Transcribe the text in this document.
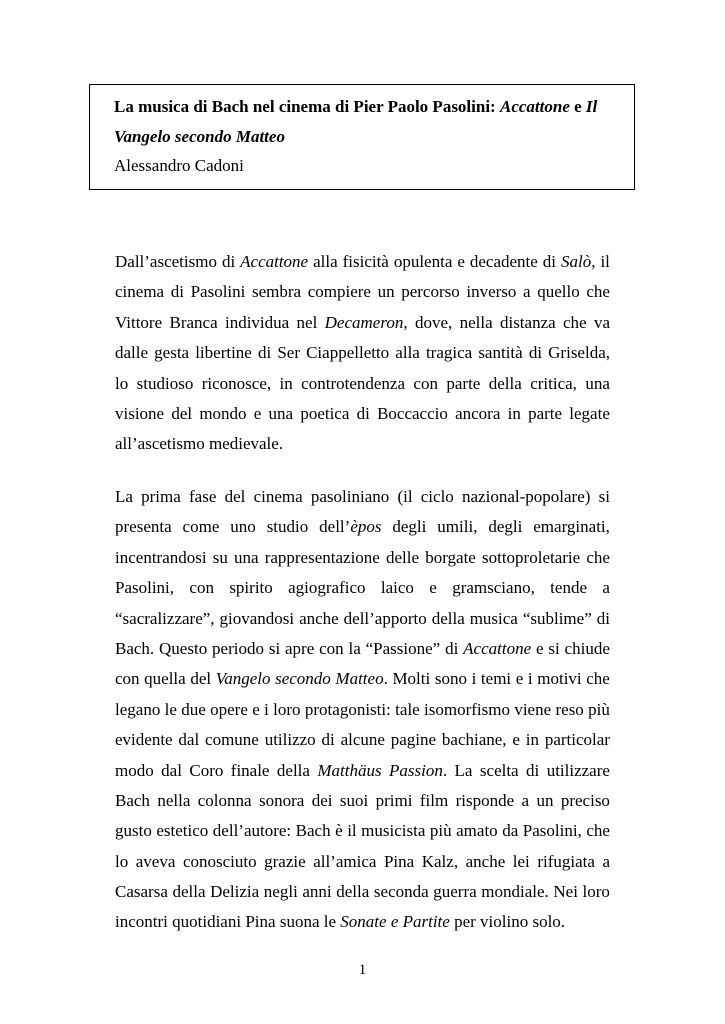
La musica di Bach nel cinema di Pier Paolo Pasolini: Accattone e Il
Vangelo secondo Matteo
Alessandro Cadoni
Dall’ascetismo di Accattone alla fisicità opulenta e decadente di Salò, il
cinema di Pasolini sembra compiere un percorso inverso a quello che
Vittore Branca individua nel Decameron, dove, nella distanza che va
dalle gesta libertine di Ser Ciappelletto alla tragica santità di Griselda,
lo studioso riconosce, in controtendenza con parte della critica, una
visione del mondo e una poetica di Boccaccio ancora in parte legate
all’ascetismo medievale.
La prima fase del cinema pasoliniano (il ciclo nazional-popolare) si
presenta come uno studio dell’èpos degli umili, degli emarginati,
incentrandosi su una rappresentazione delle borgate sottoproletarie che
Pasolini, con spirito agiografico laico e gramsciano, tende a
“sacralizzare”, giovandosi anche dell’apporto della musica “sublime” di
Bach. Questo periodo si apre con la “Passione” di Accattone e si chiude
con quella del Vangelo secondo Matteo. Molti sono i temi e i motivi che
legano le due opere e i loro protagonisti: tale isomorfismo viene reso più
evidente dal comune utilizzo di alcune pagine bachiane, e in particolar
modo dal Coro finale della Matthäus Passion. La scelta di utilizzare
Bach nella colonna sonora dei suoi primi film risponde a un preciso
gusto estetico dell’autore: Bach è il musicista più amato da Pasolini, che
lo aveva conosciuto grazie all’amica Pina Kalz, anche lei rifugiata a
Casarsa della Delizia negli anni della seconda guerra mondiale. Nei loro
incontri quotidiani Pina suona le Sonate e Partite per violino solo.
1
